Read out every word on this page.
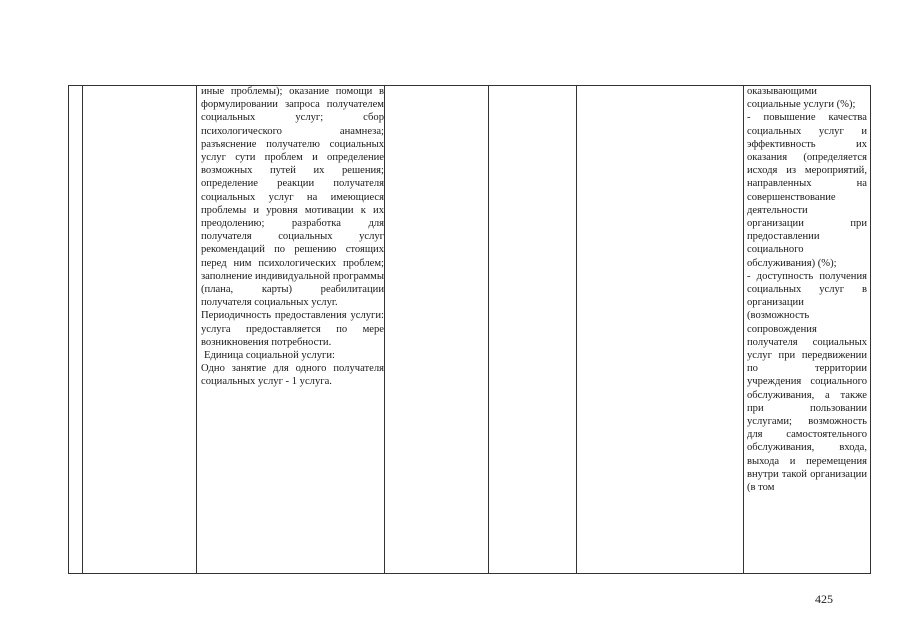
иные проблемы); оказание помощи в формулировании запроса получателем социальных услуг; сбор психологического анамнеза; разъяснение получателю социальных услуг сути проблем и определение возможных путей их решения; определение реакции получателя социальных услуг на имеющиеся проблемы и уровня мотивации к их преодолению; разработка для получателя социальных услуг рекомендаций по решению стоящих перед ним психологических проблем; заполнение индивидуальной программы (плана, карты) реабилитации получателя социальных услуг.

Периодичность предоставления услуги: услуга предоставляется по мере возникновения потребности.

Единица социальной услуги:

Одно занятие для одного получателя социальных услуг - 1 услуга.

оказывающими социальные услуги (%);

- повышение качества социальных услуг и эффективность их оказания (определяется исходя из мероприятий, направленных на совершенствование деятельности организации при предоставлении социального обслуживания) (%);

- доступность получения социальных услуг в организации (возможность сопровождения получателя социальных услуг при передвижении по территории учреждения социального обслуживания, а также при пользовании услугами; возможность для самостоятельного обслуживания, входа, выхода и перемещения внутри такой организации (в том

425
